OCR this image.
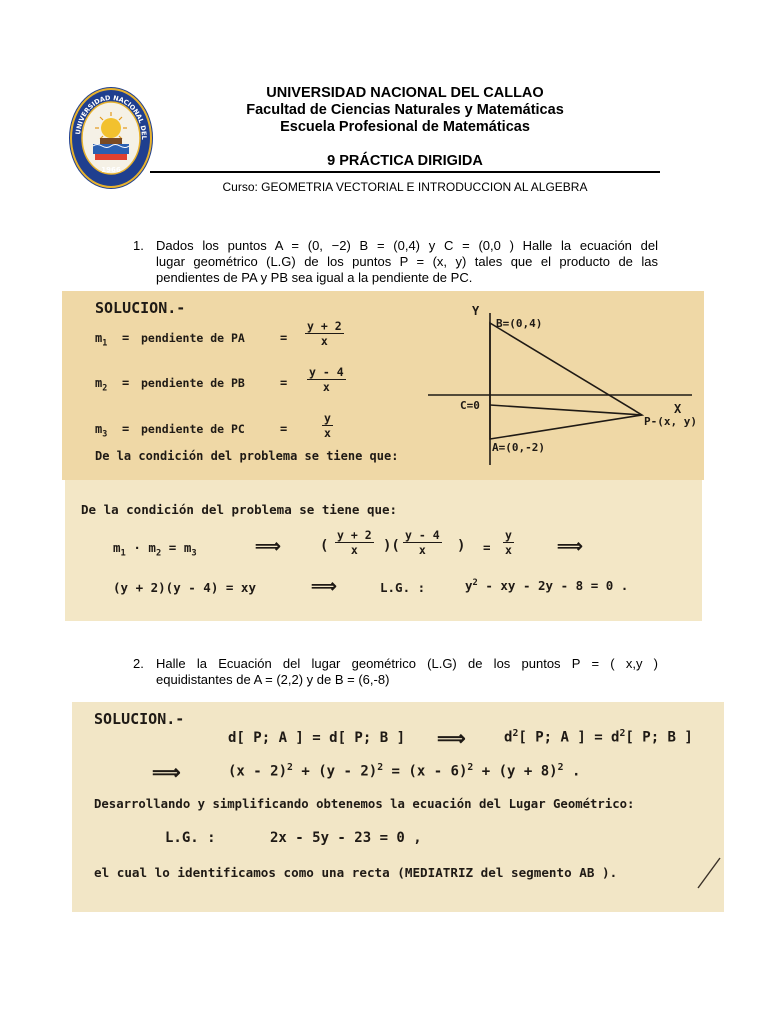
UNIVERSIDAD NACIONAL DEL
1966
UNIVERSIDAD NACIONAL DEL CALLAO
Facultad de Ciencias Naturales y Matemáticas
Escuela Profesional de Matemáticas
9 PRÁCTICA DIRIGIDA
Curso: GEOMETRIA VECTORIAL E INTRODUCCION AL ALGEBRA
1. Dados los puntos A = (0, −2) B = (0,4) y C = (0,0 ) Halle la ecuación del
lugar geométrico (L.G) de los puntos P = (x, y) tales que el producto de las
pendientes de PA y PB sea igual a la pendiente de PC.
SOLUCION.-
$m_1$ = pendiente de PA	= $\frac{y + 2}{x}$
$m_2$ = pendiente de PB	= $\frac{y - 4}{x}$
$m_3$ = pendiente de PC	=	$\frac{y}{x}$
De la condición del problema se tiene que:
Y
X
B=(0,4)
C=0
A=(0,-2)
P-(x, y)
De la condición del problema se tiene que:
$m_1 \cdot m_2 = m_3$	⟹	( $\frac{y + 2}{x}$ )( $\frac{y - 4}{x}$ ) = $\frac{y}{x}$ ⟹
(y + 2)(y - 4) = xy	⟹	L.G. :	$y^2$ - xy - 2y - 8 = 0 .
2. Halle la Ecuación del lugar geométrico (L.G) de los puntos P = ( x,y )
equidistantes de A = (2,2) y de B = (6,-8)
SOLUCION.-
d[ P; A ] = d[ P; B ] ⟹	$d^2$[ P; A ] = $d^2$[ P; B ]
⟹	$(x - 2)^2 + (y - 2)^2 = (x - 6)^2 + (y + 8)^2$ .
Desarrollando y simplificando obtenemos la ecuación del Lugar Geométrico:
L.G. :	2x - 5y - 23 = 0 ,
el cual lo identificamos como una recta (MEDIATRIZ del segmento AB ).
